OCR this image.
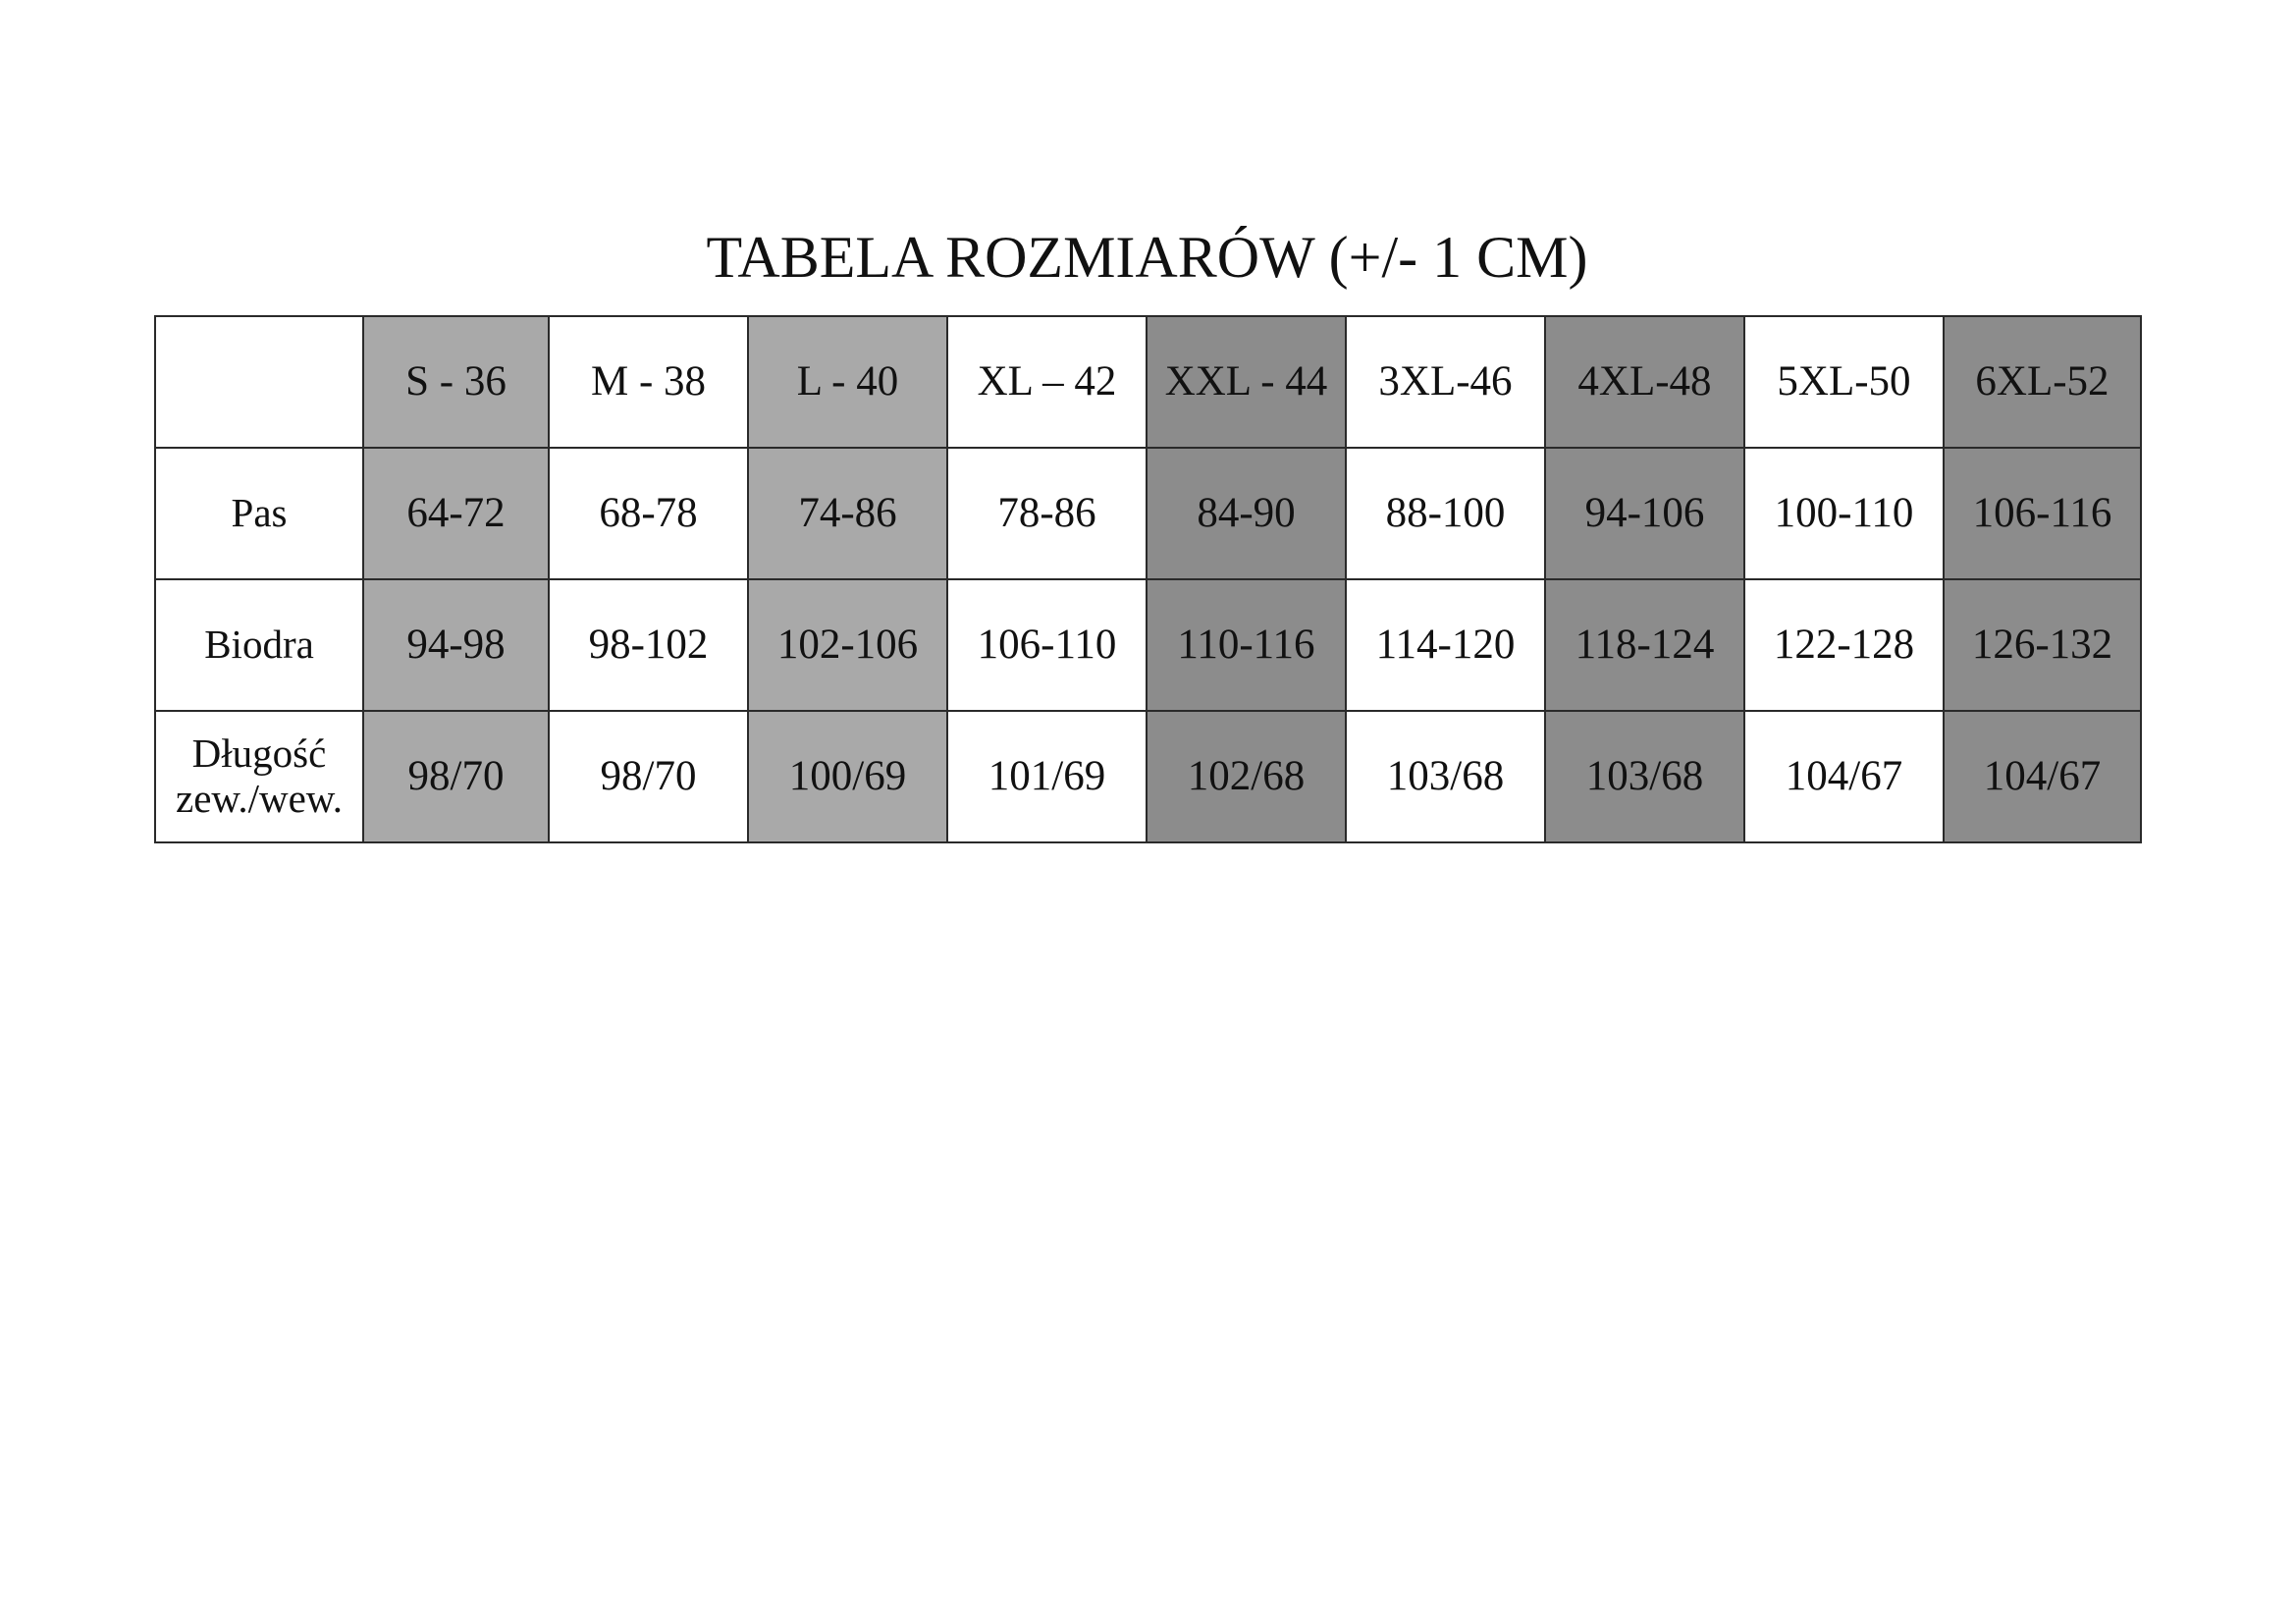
TABELA ROZMIARÓW (+/- 1 CM)
	S - 36	M - 38	L - 40	XL – 42	XXL - 44	3XL-46	4XL-48	5XL-50	6XL-52
Pas	64-72	68-78	74-86	78-86	84-90	88-100	94-106	100-110	106-116
Biodra	94-98	98-102	102-106	106-110	110-116	114-120	118-124	122-128	126-132

Długość
zew./wew.	98/70	98/70	100/69	101/69	102/68	103/68	103/68	104/67	104/67
